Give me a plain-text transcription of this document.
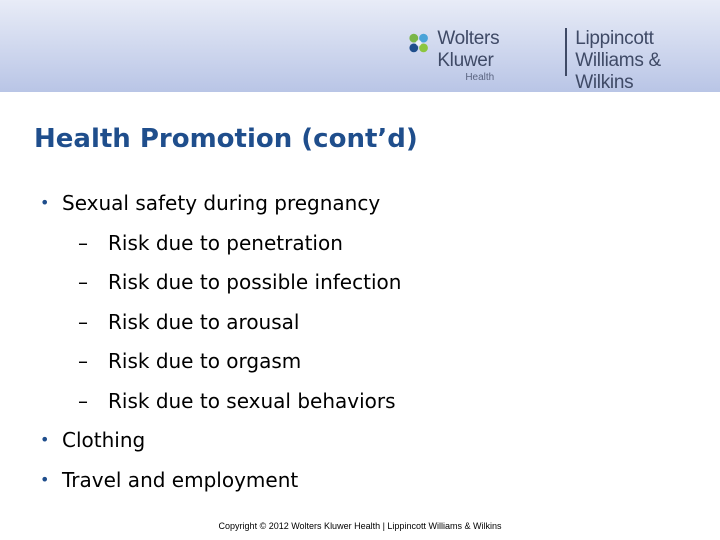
Wolters Kluwer
Health
Lippincott
Williams & Wilkins
Health Promotion (cont’d)
• Sexual safety during pregnancy
– Risk due to penetration
– Risk due to possible infection
– Risk due to arousal
– Risk due to orgasm
– Risk due to sexual behaviors
• Clothing
• Travel and employment
Copyright © 2012 Wolters Kluwer Health | Lippincott Williams & Wilkins
